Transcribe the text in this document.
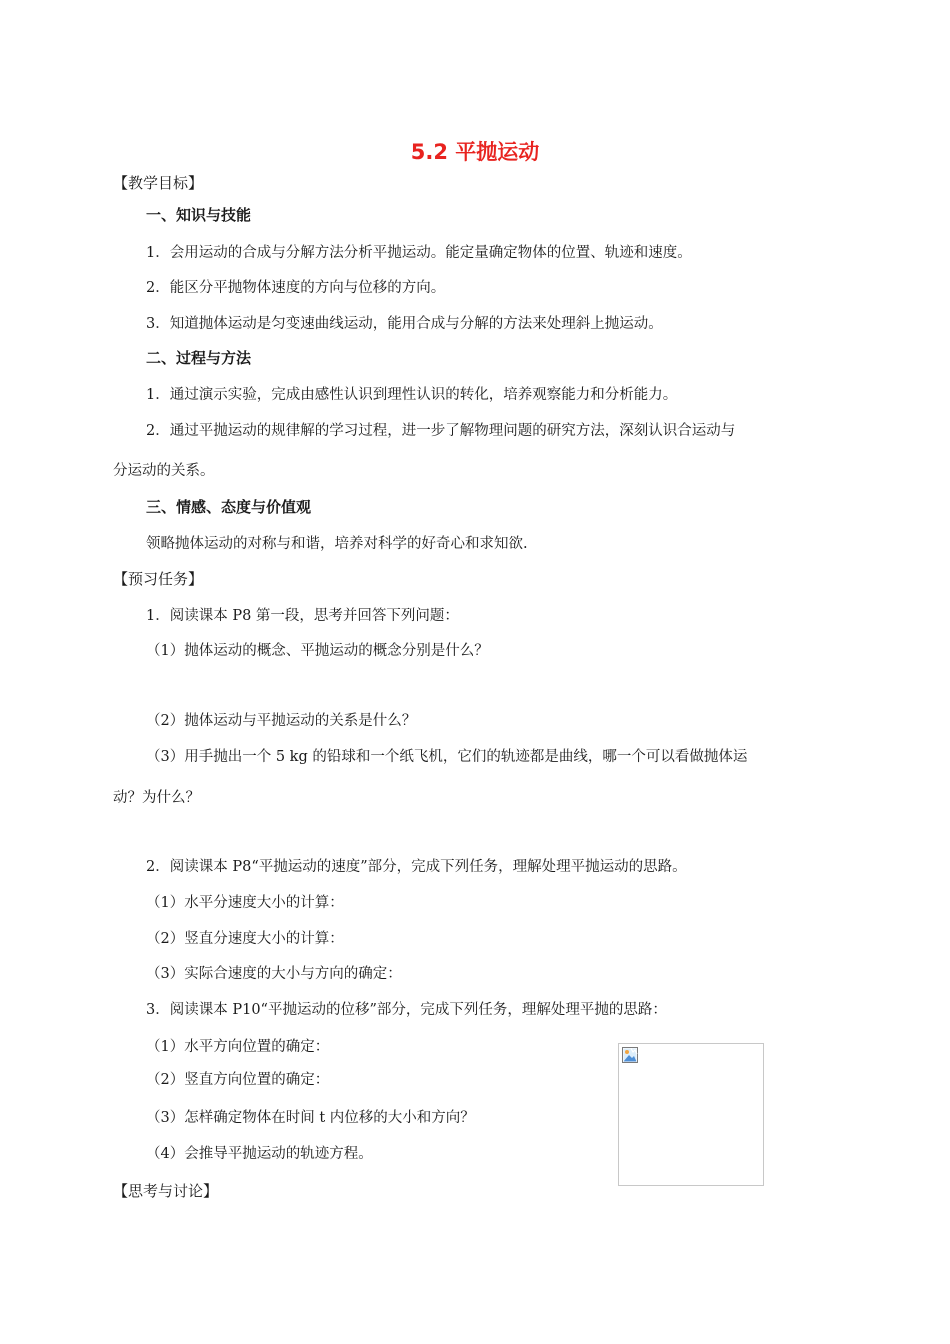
5.2 平抛运动
【教学目标】
一、知识与技能
1．会用运动的合成与分解方法分析平抛运动。能定量确定物体的位置、轨迹和速度。
2．能区分平抛物体速度的方向与位移的方向。
3．知道抛体运动是匀变速曲线运动，能用合成与分解的方法来处理斜上抛运动。
二、过程与方法
1．通过演示实验，完成由感性认识到理性认识的转化，培养观察能力和分析能力。
2．通过平抛运动的规律解的学习过程，进一步了解物理问题的研究方法，深刻认识合运动与
分运动的关系。
三、情感、态度与价值观
领略抛体运动的对称与和谐，培养对科学的好奇心和求知欲.
【预习任务】
1．阅读课本 P8 第一段，思考并回答下列问题：
（1）抛体运动的概念、平抛运动的概念分别是什么？
（2）抛体运动与平抛运动的关系是什么？
（3）用手抛出一个 5 kg 的铅球和一个纸飞机，它们的轨迹都是曲线，哪一个可以看做抛体运
动？为什么？
2．阅读课本 P8“平抛运动的速度”部分，完成下列任务，理解处理平抛运动的思路。
（1）水平分速度大小的计算：
（2）竖直分速度大小的计算：
（3）实际合速度的大小与方向的确定：
3．阅读课本 P10“平抛运动的位移”部分，完成下列任务，理解处理平抛的思路：
（1）水平方向位置的确定：
（2）竖直方向位置的确定：
（3）怎样确定物体在时间 t 内位移的大小和方向？
（4）会推导平抛运动的轨迹方程。
【思考与讨论】
